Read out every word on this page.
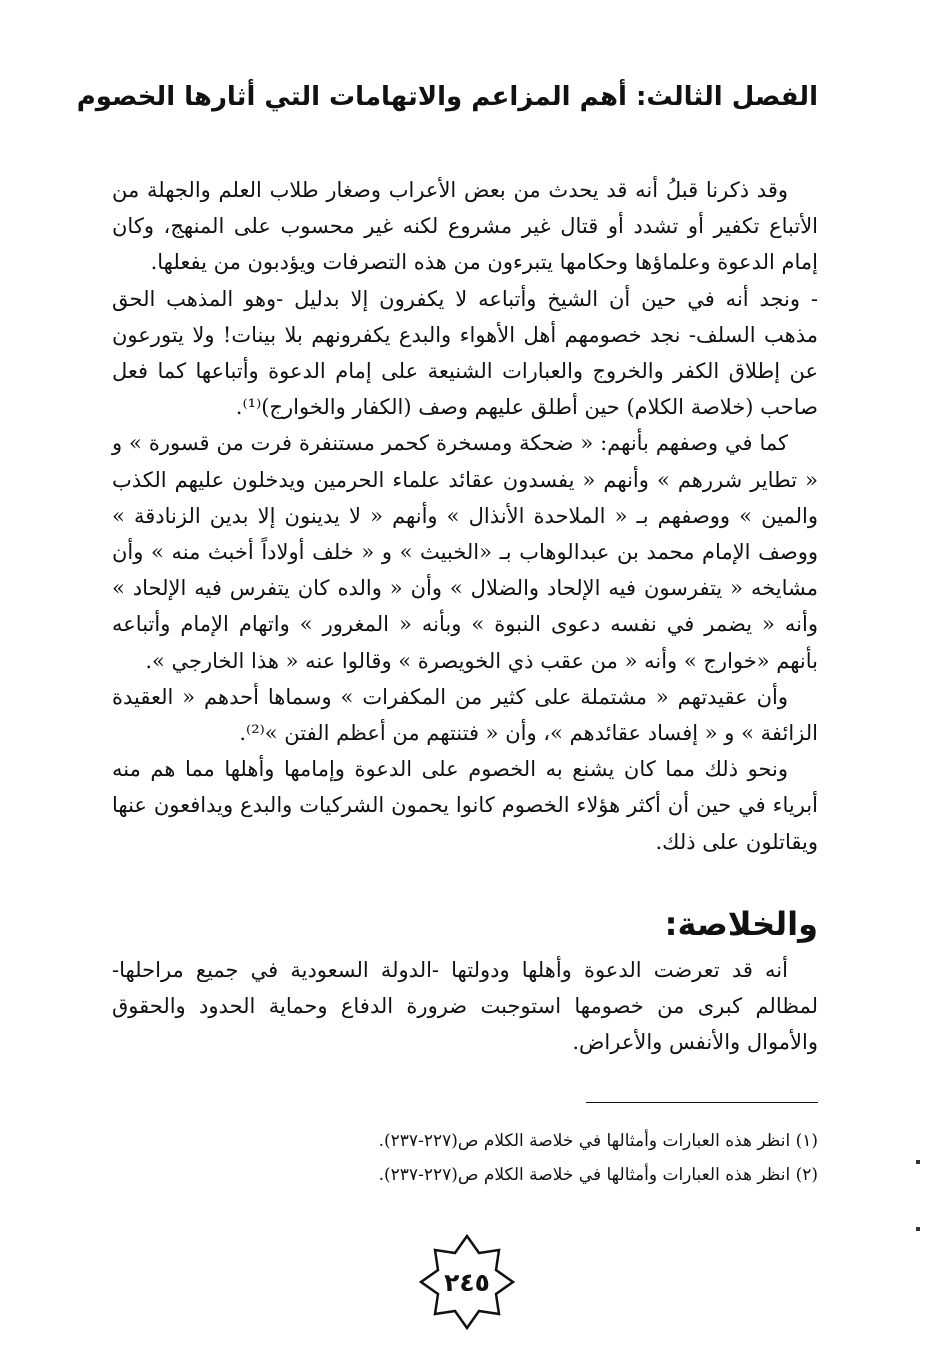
الفصل الثالث: أهم المزاعم والاتهامات التي أثارها الخصوم

وقد ذكرنا قبلُ أنه قد يحدث من بعض الأعراب وصغار طلاب العلم والجهلة من الأتباع تكفير أو تشدد أو قتال غير مشروع لكنه غير محسوب على المنهج، وكان إمام الدعوة وعلماؤها وحكامها يتبرءون من هذه التصرفات ويؤدبون من يفعلها.

- ونجد أنه في حين أن الشيخ وأتباعه لا يكفرون إلا بدليل -وهو المذهب الحق مذهب السلف- نجد خصومهم أهل الأهواء والبدع يكفرونهم بلا بينات! ولا يتورعون عن إطلاق الكفر والخروج والعبارات الشنيعة على إمام الدعوة وأتباعها كما فعل صاحب (خلاصة الكلام) حين أطلق عليهم وصف (الكفار والخوارج)⁽¹⁾.

كما في وصفهم بأنهم: « ضحكة ومسخرة كحمر مستنفرة فرت من قسورة » و « تطاير شررهم » وأنهم « يفسدون عقائد علماء الحرمين ويدخلون عليهم الكذب والمين » ووصفهم بـ « الملاحدة الأنذال » وأنهم « لا يدينون إلا بدين الزنادقة » ووصف الإمام محمد بن عبدالوهاب بـ «الخبيث » و « خلف أولاداً أخبث منه » وأن مشايخه « يتفرسون فيه الإلحاد والضلال » وأن « والده كان يتفرس فيه الإلحاد » وأنه « يضمر في نفسه دعوى النبوة » وبأنه « المغرور » واتهام الإمام وأتباعه بأنهم «خوارج » وأنه « من عقب ذي الخويصرة » وقالوا عنه « هذا الخارجي ».

وأن عقيدتهم « مشتملة على كثير من المكفرات » وسماها أحدهم « العقيدة الزائفة » و « إفساد عقائدهم »، وأن « فتنتهم من أعظم الفتن »⁽²⁾.

ونحو ذلك مما كان يشنع به الخصوم على الدعوة وإمامها وأهلها مما هم منه أبرياء في حين أن أكثر هؤلاء الخصوم كانوا يحمون الشركيات والبدع ويدافعون عنها ويقاتلون على ذلك.

والخلاصة:

أنه قد تعرضت الدعوة وأهلها ودولتها -الدولة السعودية في جميع مراحلها- لمظالم كبرى من خصومها استوجبت ضرورة الدفاع وحماية الحدود والحقوق والأموال والأنفس والأعراض.

(١) انظر هذه العبارات وأمثالها في خلاصة الكلام ص(٢٢٧-٢٣٧).

(٢) انظر هذه العبارات وأمثالها في خلاصة الكلام ص(٢٢٧-٢٣٧).

٢٤٥
